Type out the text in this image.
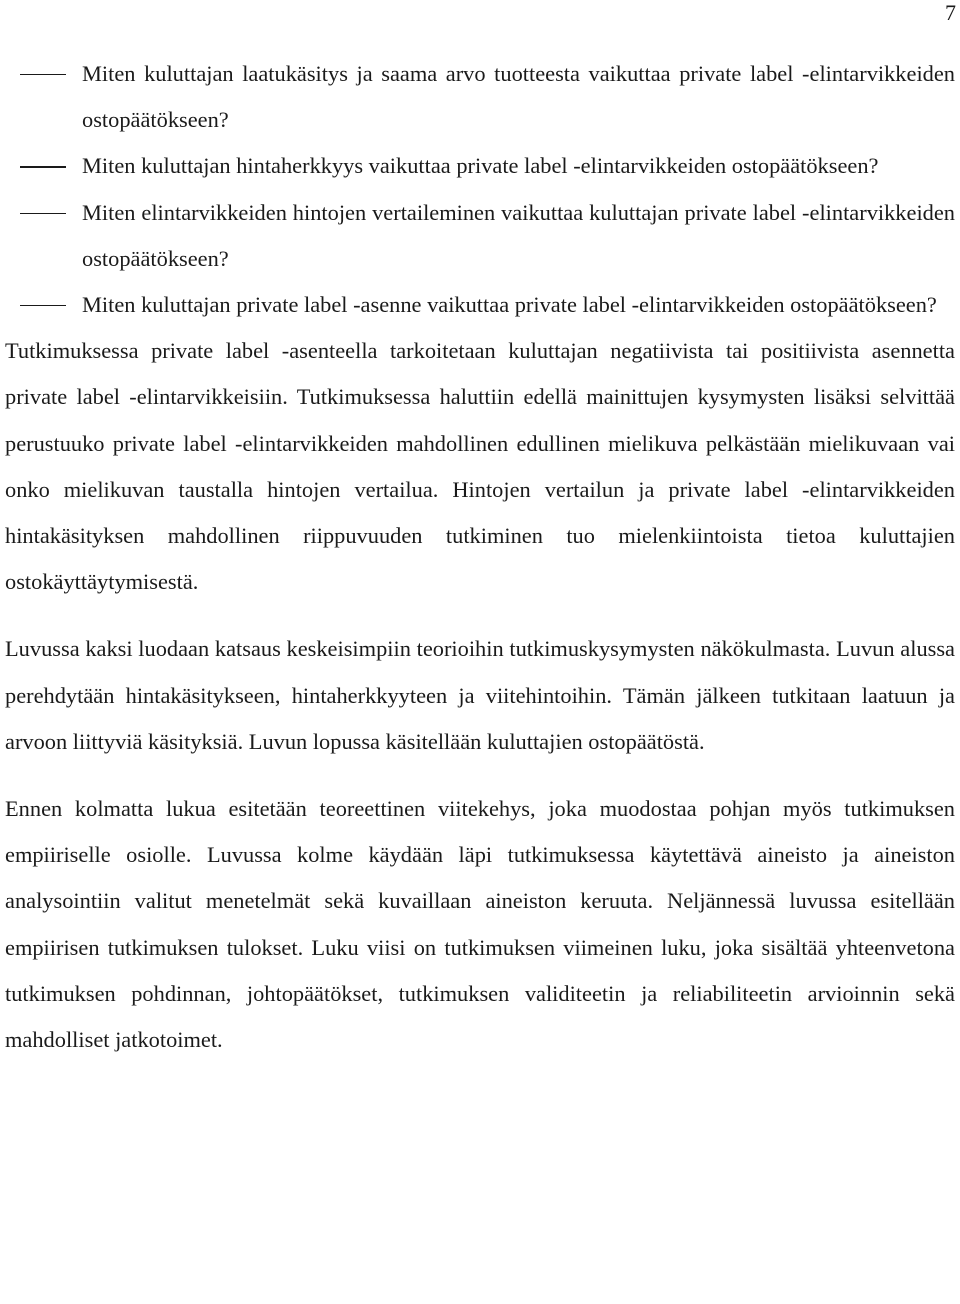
7
Miten kuluttajan laatukäsitys ja saama arvo tuotteesta vaikuttaa private label -elintarvikkeiden ostopäätökseen?
Miten kuluttajan hintaherkkyys vaikuttaa private label -elintarvikkeiden ostopäätökseen?
Miten elintarvikkeiden hintojen vertaileminen vaikuttaa kuluttajan private label -elintarvikkeiden ostopäätökseen?
Miten kuluttajan private label -asenne vaikuttaa private label -elintarvikkeiden ostopäätökseen?

Tutkimuksessa private label -asenteella tarkoitetaan kuluttajan negatiivista tai positiivista asennetta private label -elintarvikkeisiin. Tutkimuksessa haluttiin edellä mainittujen kysymysten lisäksi selvittää perustuuko private label -elintarvikkeiden mahdollinen edullinen mielikuva pelkästään mielikuvaan vai onko mielikuvan taustalla hintojen vertailua. Hintojen vertailun ja private label -elintarvikkeiden hintakäsityksen mahdollinen riippuvuuden tutkiminen tuo mielenkiintoista tietoa kuluttajien ostokäyttäytymisestä.

Luvussa kaksi luodaan katsaus keskeisimpiin teorioihin tutkimuskysymysten näkökulmasta. Luvun alussa perehdytään hintakäsitykseen, hintaherkkyyteen ja viitehintoihin. Tämän jälkeen tutkitaan laatuun ja arvoon liittyviä käsityksiä. Luvun lopussa käsitellään kuluttajien ostopäätöstä.

Ennen kolmatta lukua esitetään teoreettinen viitekehys, joka muodostaa pohjan myös tutkimuksen empiiriselle osiolle. Luvussa kolme käydään läpi tutkimuksessa käytettävä aineisto ja aineiston analysointiin valitut menetelmät sekä kuvaillaan aineiston keruuta. Neljännessä luvussa esitellään empiirisen tutkimuksen tulokset. Luku viisi on tutkimuksen viimeinen luku, joka sisältää yhteenvetona tutkimuksen pohdinnan, johtopäätökset, tutkimuksen validiteetin ja reliabiliteetin arvioinnin sekä mahdolliset jatkotoimet.
